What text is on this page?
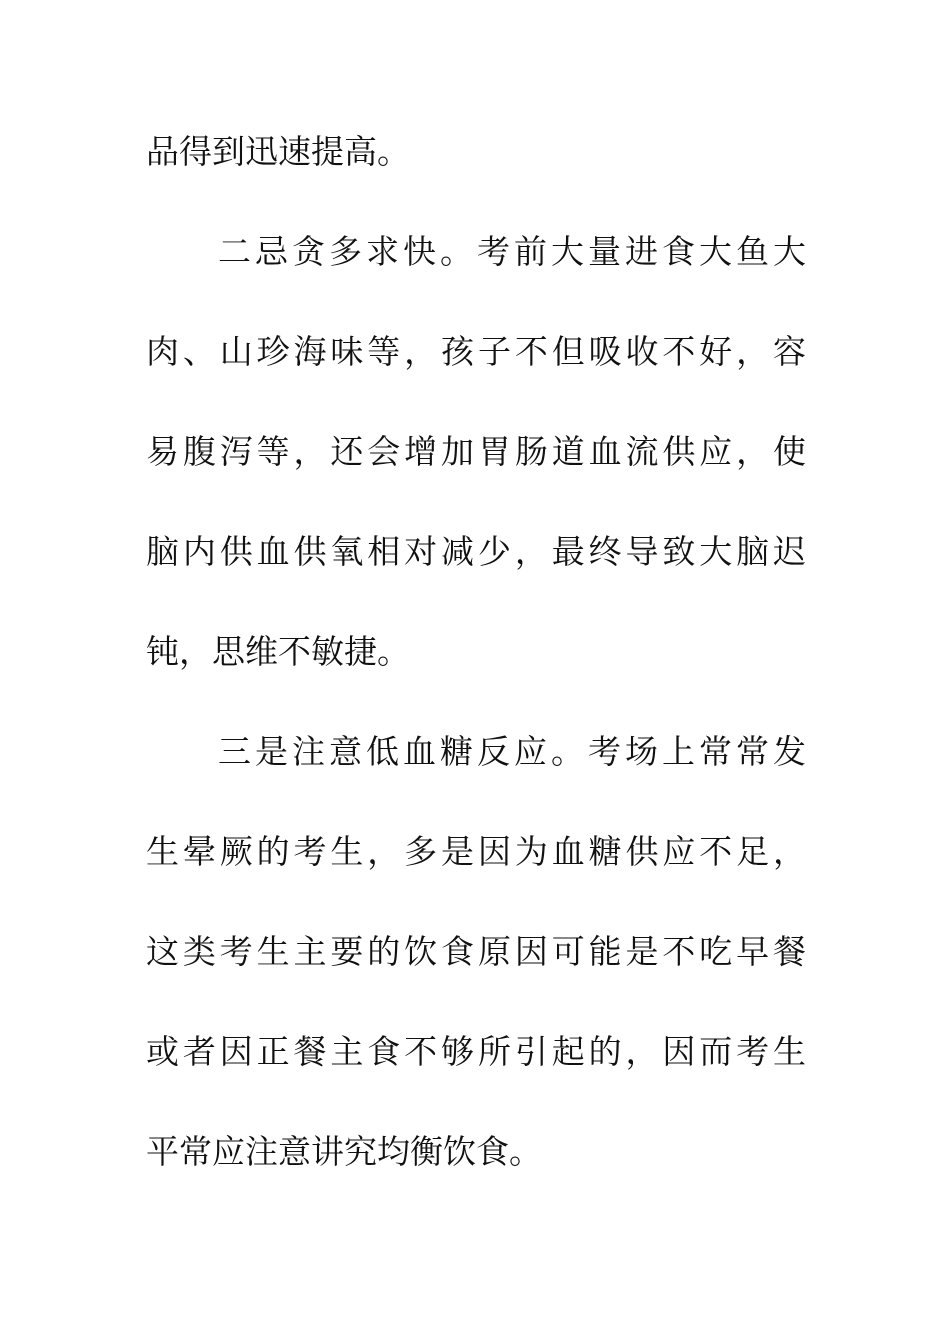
品得到迅速提高。
二忌贪多求快。考前大量进食大鱼大
肉、山珍海味等，孩子不但吸收不好，容
易腹泻等，还会增加胃肠道血流供应，使
脑内供血供氧相对减少，最终导致大脑迟
钝，思维不敏捷。
三是注意低血糖反应。考场上常常发
生晕厥的考生，多是因为血糖供应不足，
这类考生主要的饮食原因可能是不吃早餐
或者因正餐主食不够所引起的，因而考生
平常应注意讲究均衡饮食。
